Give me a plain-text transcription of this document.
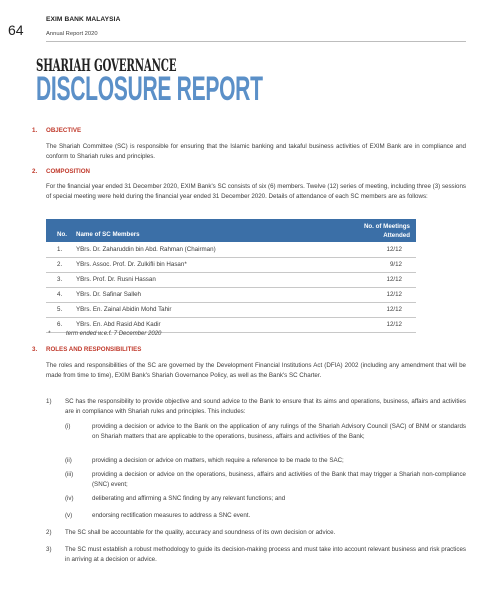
64
EXIM BANK MALAYSIA
Annual Report 2020
SHARIAH GOVERNANCE
DISCLOSURE REPORT
1. OBJECTIVE
The Shariah Committee (SC) is responsible for ensuring that the Islamic banking and takaful business activities of EXIM Bank are in compliance and conform to Shariah rules and principles.
2. COMPOSITION
For the financial year ended 31 December 2020, EXIM Bank's SC consists of six (6) members. Twelve (12) series of meeting, including three (3) sessions of special meeting were held during the financial year ended 31 December 2020. Details of attendance of each SC members are as follows:
No. Name of SC Members
No. of Meetings
Attended
1. YBrs. Dr. Zaharuddin bin Abd. Rahman (Chairman)	12/12
2. YBrs. Assoc. Prof. Dr. Zulkifli bin Hasan*	9/12
3. YBrs. Prof. Dr. Rusni Hassan	12/12
4. YBrs. Dr. Safinar Salleh	12/12
5. YBrs. En. Zainal Abidin Mohd Tahir	12/12
6. YBrs. En. Abd Rasid Abd Kadir	12/12
*	term ended w.e.f. 7 December 2020
3. ROLES AND RESPONSIBILITIES
The roles and responsibilities of the SC are governed by the Development Financial Institutions Act (DFIA) 2002 (including any amendment that will be made from time to time), EXIM Bank's Shariah Governance Policy, as well as the Bank's SC Charter.
1) SC has the responsibility to provide objective and sound advice to the Bank to ensure that its aims and operations, business, affairs and activities are in compliance with Shariah rules and principles. This includes:
(i)	providing a decision or advice to the Bank on the application of any rulings of the Shariah Advisory Council (SAC) of BNM or standards on Shariah matters that are applicable to the operations, business, affairs and activities of the Bank;
(ii)	providing a decision or advice on matters, which require a reference to be made to the SAC;
(iii)	providing a decision or advice on the operations, business, affairs and activities of the Bank that may trigger a Shariah non-compliance (SNC) event;
(iv)	deliberating and affirming a SNC finding by any relevant functions; and
(v)	endorsing rectification measures to address a SNC event.
2) The SC shall be accountable for the quality, accuracy and soundness of its own decision or advice.
3) The SC must establish a robust methodology to guide its decision-making process and must take into account relevant business and risk practices in arriving at a decision or advice.
